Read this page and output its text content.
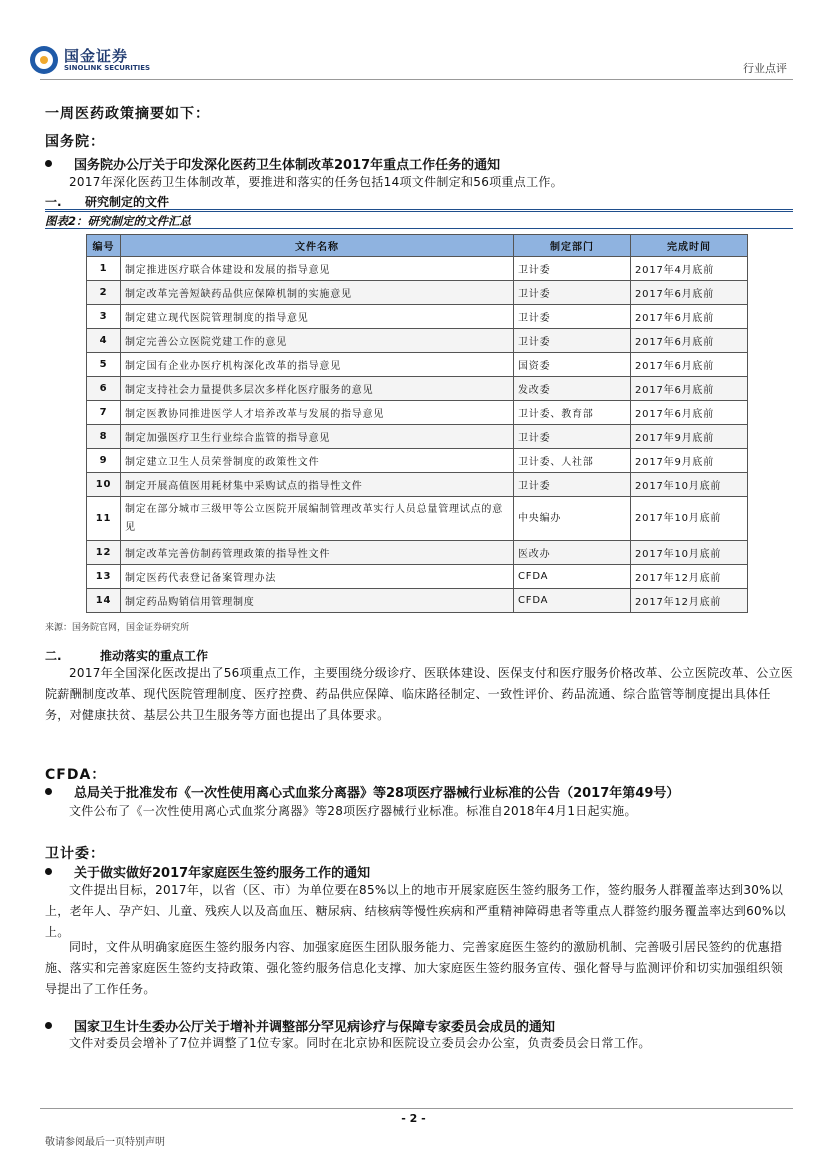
国金证券
SINOLINK SECURITIES	行业点评
一周医药政策摘要如下：
国务院：
国务院办公厅关于印发深化医药卫生体制改革2017年重点工作任务的通知
2017年深化医药卫生体制改革，要推进和落实的任务包括14项文件制定和56项重点工作。
一. 研究制定的文件
图表2：研究制定的文件汇总
编号	文件名称	制定部门	完成时间
1	制定推进医疗联合体建设和发展的指导意见	卫计委	2017年4月底前
2	制定改革完善短缺药品供应保障机制的实施意见	卫计委	2017年6月底前
3	制定建立现代医院管理制度的指导意见	卫计委	2017年6月底前
4	制定完善公立医院党建工作的意见	卫计委	2017年6月底前
5	制定国有企业办医疗机构深化改革的指导意见	国资委	2017年6月底前
6	制定支持社会力量提供多层次多样化医疗服务的意见	发改委	2017年6月底前
7	制定医教协同推进医学人才培养改革与发展的指导意见	卫计委、教育部	2017年6月底前
8	制定加强医疗卫生行业综合监管的指导意见	卫计委	2017年9月底前
9	制定建立卫生人员荣誉制度的政策性文件	卫计委、人社部	2017年9月底前
10	制定开展高值医用耗材集中采购试点的指导性文件	卫计委	2017年10月底前
11	制定在部分城市三级甲等公立医院开展编制管理改革实行人员总量管理试点的意见	中央编办	2017年10月底前
12	制定改革完善仿制药管理政策的指导性文件	医改办	2017年10月底前
13	制定医药代表登记备案管理办法	CFDA	2017年12月底前
14	制定药品购销信用管理制度	CFDA	2017年12月底前
来源：国务院官网，国金证券研究所
二.	推动落实的重点工作
2017年全国深化医改提出了56项重点工作，主要围绕分级诊疗、医联体建设、医保支付和医疗服务价格改革、公立医院改革、公立医院薪酬制度改革、现代医院管理制度、医疗控费、药品供应保障、临床路径制定、一致性评价、药品流通、综合监管等制度提出具体任务，对健康扶贫、基层公共卫生服务等方面也提出了具体要求。
CFDA：
总局关于批准发布《一次性使用离心式血浆分离器》等28项医疗器械行业标准的公告（2017年第49号）
文件公布了《一次性使用离心式血浆分离器》等28项医疗器械行业标准。标准自2018年4月1日起实施。
卫计委：
关于做实做好2017年家庭医生签约服务工作的通知
文件提出目标，2017年，以省（区、市）为单位要在85%以上的地市开展家庭医生签约服务工作，签约服务人群覆盖率达到30%以上，老年人、孕产妇、儿童、残疾人以及高血压、糖尿病、结核病等慢性疾病和严重精神障碍患者等重点人群签约服务覆盖率达到60%以上。
同时，文件从明确家庭医生签约服务内容、加强家庭医生团队服务能力、完善家庭医生签约的激励机制、完善吸引居民签约的优惠措施、落实和完善家庭医生签约支持政策、强化签约服务信息化支撑、加大家庭医生签约服务宣传、强化督导与监测评价和切实加强组织领导提出了工作任务。
国家卫生计生委办公厅关于增补并调整部分罕见病诊疗与保障专家委员会成员的通知
文件对委员会增补了7位并调整了1位专家。同时在北京协和医院设立委员会办公室，负责委员会日常工作。
- 2 -
敬请参阅最后一页特别声明
